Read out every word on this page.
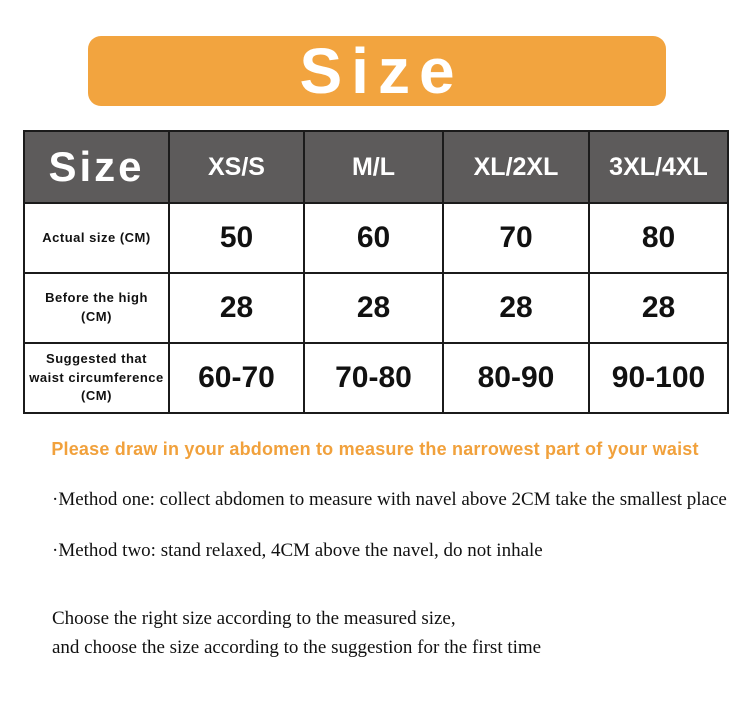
Size
Size	XS/S	M/L	XL/2XL	3XL/4XL

Actual size (CM)	50	60	70	80

Before the high
(CM)	28	28	28	28

Suggested that
waist circumference
(CM)	60-70	70-80	80-90	90-100
Please draw in your abdomen to measure the narrowest part of your waist
·Method one: collect abdomen to measure with navel above 2CM take the smallest place
·Method two: stand relaxed, 4CM above the navel, do not inhale
Choose the right size according to the measured size,
and choose the size according to the suggestion for the first time
